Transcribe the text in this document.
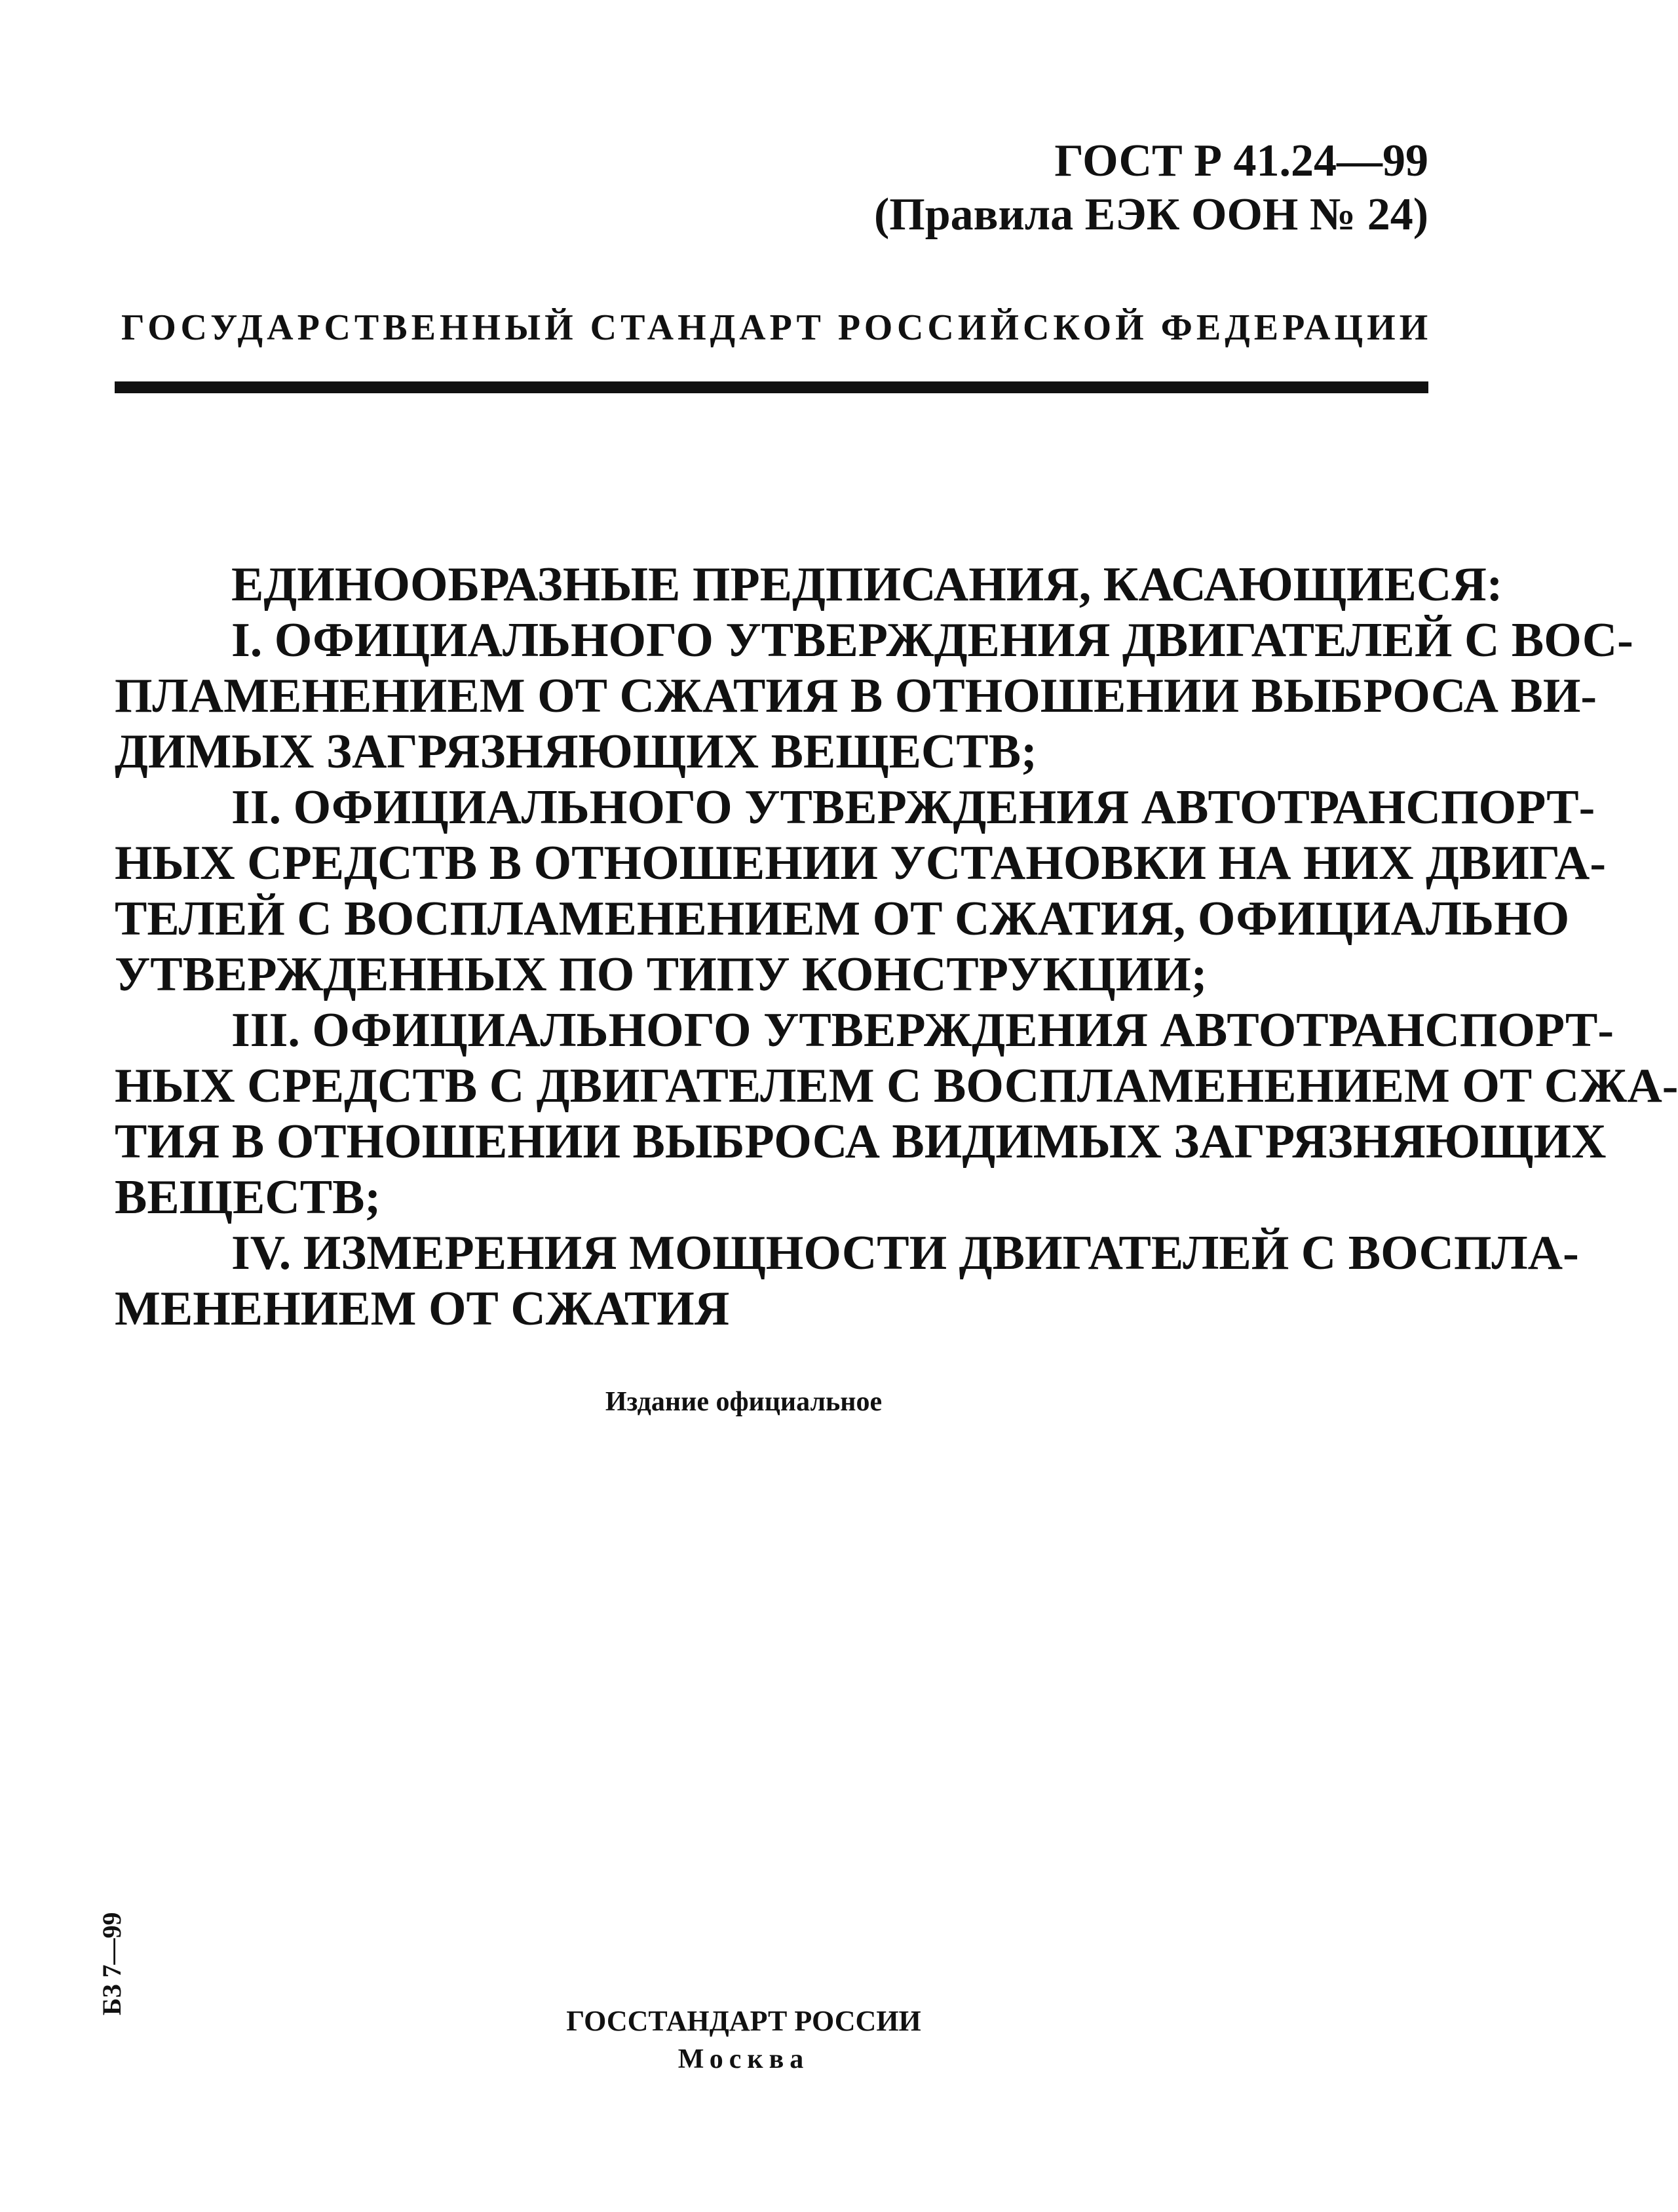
ГОСТ Р 41.24—99
(Правила ЕЭК ООН № 24)
ГОСУДАРСТВЕННЫЙ СТАНДАРТ РОССИЙСКОЙ ФЕДЕРАЦИИ
ЕДИНООБРАЗНЫЕ ПРЕДПИСАНИЯ, КАСАЮЩИЕСЯ:
I. ОФИЦИАЛЬНОГО УТВЕРЖДЕНИЯ ДВИГАТЕЛЕЙ С ВОС-
ПЛАМЕНЕНИЕМ ОТ СЖАТИЯ В ОТНОШЕНИИ ВЫБРОСА ВИ-
ДИМЫХ ЗАГРЯЗНЯЮЩИХ ВЕЩЕСТВ;
II. ОФИЦИАЛЬНОГО УТВЕРЖДЕНИЯ АВТОТРАНСПОРТ-
НЫХ СРЕДСТВ В ОТНОШЕНИИ УСТАНОВКИ НА НИХ ДВИГА-
ТЕЛЕЙ С ВОСПЛАМЕНЕНИЕМ ОТ СЖАТИЯ, ОФИЦИАЛЬНО
УТВЕРЖДЕННЫХ ПО ТИПУ КОНСТРУКЦИИ;
III. ОФИЦИАЛЬНОГО УТВЕРЖДЕНИЯ АВТОТРАНСПОРТ-
НЫХ СРЕДСТВ С ДВИГАТЕЛЕМ С ВОСПЛАМЕНЕНИЕМ ОТ СЖА-
ТИЯ В ОТНОШЕНИИ ВЫБРОСА ВИДИМЫХ ЗАГРЯЗНЯЮЩИХ
ВЕЩЕСТВ;
IV. ИЗМЕРЕНИЯ МОЩНОСТИ ДВИГАТЕЛЕЙ С ВОСПЛА-
МЕНЕНИЕМ ОТ СЖАТИЯ
Издание официальное
БЗ 7—99
ГОССТАНДАРТ РОССИИ
Москва
